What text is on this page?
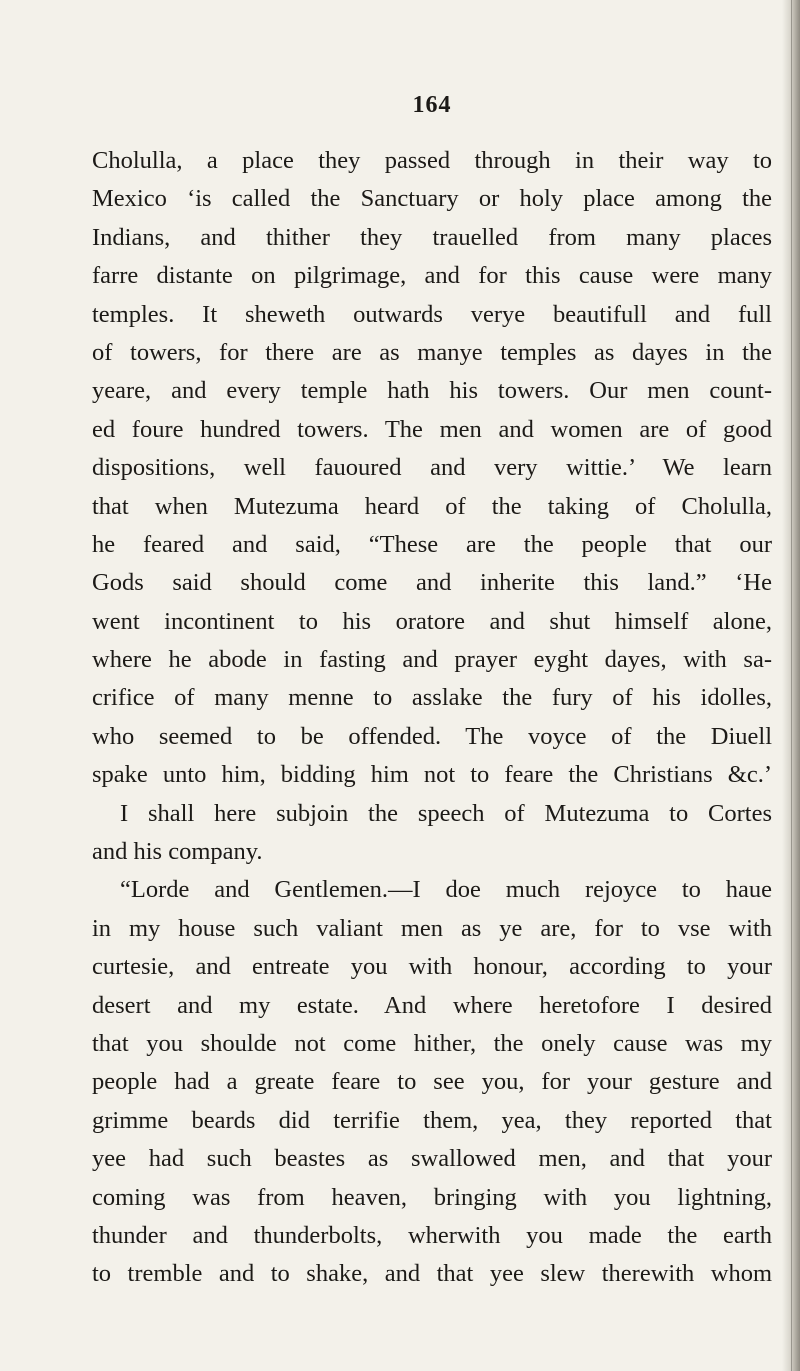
164
Cholulla, a place they passed through in their way to
Mexico ‘is called the Sanctuary or holy place among the
Indians, and thither they trauelled from many places
farre distante on pilgrimage, and for this cause were many
temples. It sheweth outwards verye beautifull and full
of towers, for there are as manye temples as dayes in the
yeare, and every temple hath his towers. Our men count-
ed foure hundred towers. The men and women are of good
dispositions, well fauoured and very wittie.’ We learn
that when Mutezuma heard of the taking of Cholulla,
he feared and said, “These are the people that our
Gods said should come and inherite this land.” ‘He
went incontinent to his oratore and shut himself alone,
where he abode in fasting and prayer eyght dayes, with sa-
crifice of many menne to asslake the fury of his idolles,
who seemed to be offended. The voyce of the Diuell
spake unto him, bidding him not to feare the Christians &c.’
I shall here subjoin the speech of Mutezuma to Cortes
and his company.
“Lorde and Gentlemen.—I doe much rejoyce to haue
in my house such valiant men as ye are, for to vse with
curtesie, and entreate you with honour, according to your
desert and my estate. And where heretofore I desired
that you shoulde not come hither, the onely cause was my
people had a greate feare to see you, for your gesture and
grimme beards did terrifie them, yea, they reported that
yee had such beastes as swallowed men, and that your
coming was from heaven, bringing with you lightning,
thunder and thunderbolts, wherwith you made the earth
to tremble and to shake, and that yee slew therewith whom
